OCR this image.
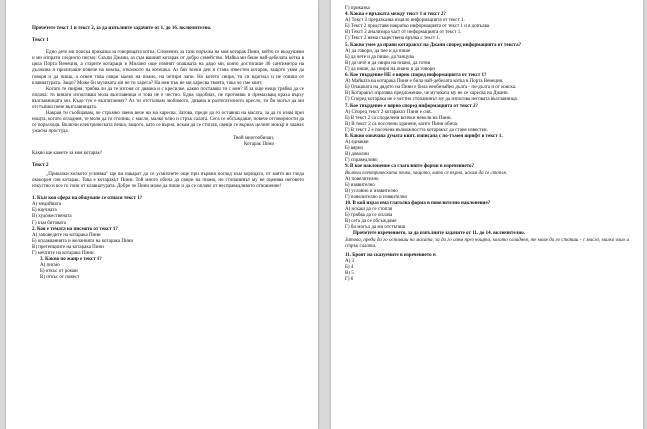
Прочетете текст 1 и текст 2, за да изпълните задачите от 1. до 16. включително.

Текст 1

Едно дете ми поиска приказка за говорещата котка. Спомених за тази поръчка на моя котарак Пини, който се въодушеви и ми изпрати следното писмо: Скъпи Джани, аз съм вашият котарак от добро семейство. Майка ми беше най-дебелата котка в цяла Порта Венеция, а старите котараци в Милано още помнят опашката на дядо ми, която достигаше 40 сантиметра на дължина и приличаше повече на ковска, отколкото на котешка. Аз бях всеки ден и стана известен котарак, защото умея да говоря и да пиша, а освен това свиря малко на пиано, на четири лапи. Но котето свиря, ти си вдигнал и не гониш от клавиатурата. Защо? Може би музиката ми не ти хареса? На мен пък не ми харесва твоята, така че сме квит.

Когато те свирня, трябва ли да те изгоня от дивана и с кресилке, какво поставяш ти с мен? И за още нещо трябва да се оплача: ти винаги използваш мола възглавница и това не е честно. Една задобнах, не протоявш и премахващ краха върху възглавницата ми. Къде тук е възпитаният? Аз ти отстъпвам любимото, дивана и разтегателното кресло, ти би могъл да ми отстъпиш поне възглавницата.

Накрая ти съобщавам, че стръмно звено вече ни ма харесва. Затова, преди да го оставиш на масата, за да го изям през нощта, когато огладнея, те моля да го стопиш, с масло, малко олио и стрък салата. Сега се обсъждаше, повече отговорности да се поразходя. Включи електрическата печка, защото, като се върна, искам да се стопля, свещи се върнах целият мокър и хванах ужасна простуда.

Твой многообичан,

Котарак Пини

Какво ще кажете за моя котарак?

Текст 2

„Приказки колкото усмивка" ще ви накарат да се усмихнете още при първия поглед към корицата, от която ви гледа ококорен сив котарак. Това е котаракът Пини. Той много обича да свири на пиано, но стопанинът му не оценява неговото изкуство и все го гони от клавиатурата. Добре че Пини може да пише и да се оплаче от несправедливото отношение!

1. Към коя сфера на общуване се отнася текст 1?

А) медийната

Б) научната

В) художествената

Г) към битовата

2. Коя е темата на писмото от текст 1?

А) заповедите на котарака Пини

Б) оплакванията и желанията на котарака Пини

В) претенциите на котарака Пини

Г) мечтите на котарака Пини

3. Какво по жанр е текст 1?

А) писмо

Б) откъс от роман

В) откъс от повест

Г) приказка

4. Каква е връзката между текст 1 и текст 2?

А) Текст 2 преразказва изцяло информацията от текст 1.

Б) Текст 2 представя накратко информацията от текст 1 и я допълва.

В) Текст 2 анализира част от информацията от текст 1.

Г) Текст 2 няма съществена връзка с текст 1.

5. Какво умее да прави котаракът на Джани според информацията от текста?

А) да говори, да пее и да пише

Б) да чете и да пише, да танцува

В) да чете и да свири на пиано, да готви

Г) да пише, да свири на пиано и да говори

6. Кое твърдение НЕ е вярно според информацията от текст 1?

А) Майката на котарака Пини е била най-дебелата котка в Порта Венеция.

Б) Опашката на дядото на Пини е била необичайно дълга - по-дълга и от ковска.

В) Котаракът изразява предложение, че музиката му не се харесва на Джани.

Г) Според котарака не е честно стопанинът му да използва неговата възглавница.

7. Кое твърдение е вярно според информацията от текст 2?

А) Според текст 2 котаракът Пини е сив.

Б) В текст 2 са споделени всички неволи на Пини.

В) В текст 2 са посочени хранене, които Пини обича.

Г) В текст 2 е посочена възможността котаракът да стане известен.

8. Какво означава думата квит, изписана с по-тъмен шрифт в текст 1.

А) еднакви

Б) вярно

В) доволни

Г) справедливо

9. В кое наклонение са глаголните форми в изречението?

Включи електрическата печка, защото, като се върна, искам да се стопля.

А) повелително

Б) изявително

В) условно и изявително

Г) повелително и изявително

10. В кой израз има глаголна форма в повелително наклонение?

А) искаш да се стопля

Б) трябва да се оплача

В) сега да се обсъждаме

Г) би могъл да ми отстъпиш

Прочетете изречението, за да изпълните задачите от 11. до 14. включително.

Затова, преди да го оставиш на масата, за да го изям през нощта, когато огладнея, те моля да го стопиш - с масло, малко олио и стрък салата.

11. Броят на сказуемите в изречението е:

А) 3

Б) 4

В) 5

Г) 6
